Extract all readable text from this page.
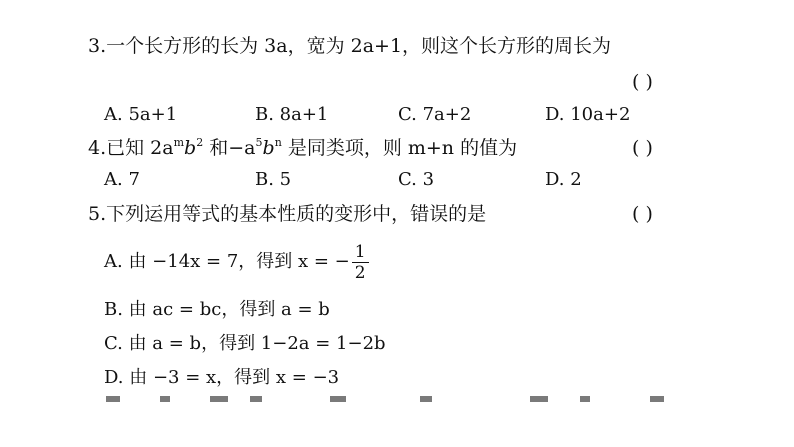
3.一个长方形的长为 3a，宽为 2a+1，则这个长方形的周长为
( )
A. 5a+1	B. 8a+1	C. 7a+2	D. 10a+2
4.已知 $2a^mb^2$ 和$-a^5b^n$ 是同类项，则 m+n 的值为	( )
A. 7	B. 5	C. 3	D. 2
5.下列运用等式的基本性质的变形中，错误的是	( )
A. 由 −14x = 7，得到 x = − $\frac{1}{2}$
B. 由 ac = bc，得到 a = b
C. 由 a = b，得到 1−2a = 1−2b
D. 由 −3 = x，得到 x = −3
